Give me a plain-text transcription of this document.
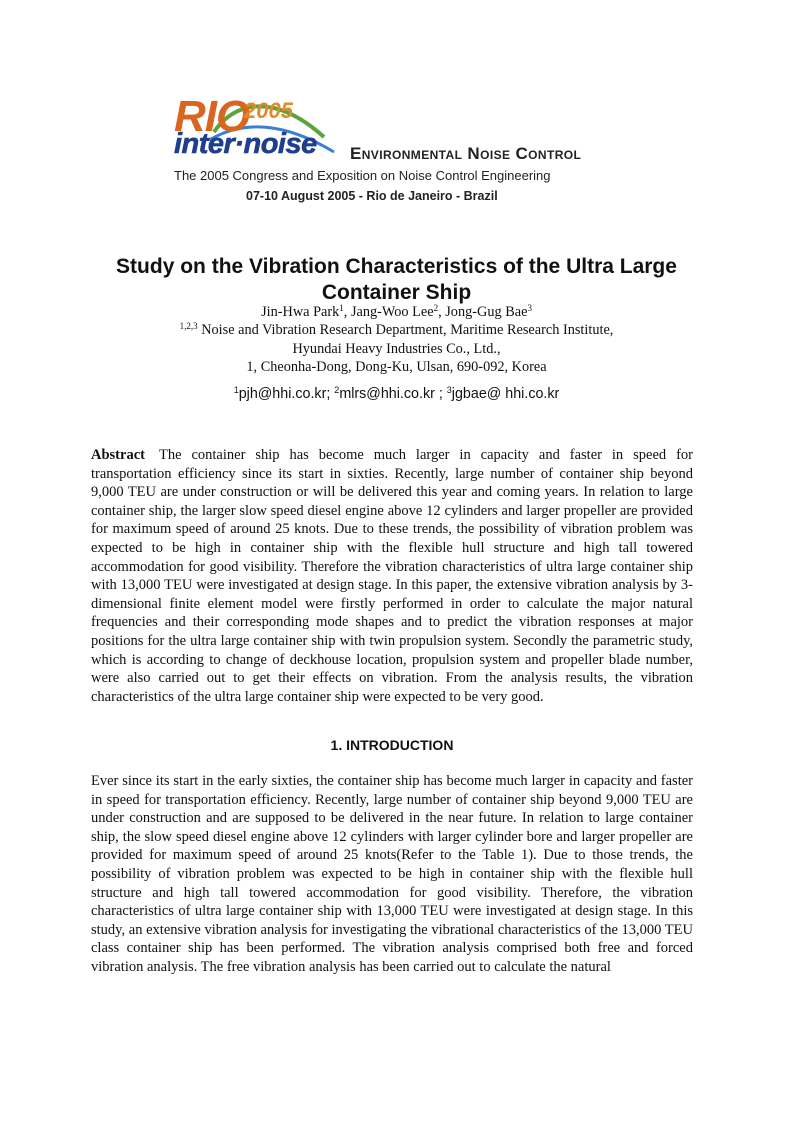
RIO
2005
inter·noise Environmental Noise Control
The 2005 Congress and Exposition on Noise Control Engineering
07-10 August 2005 - Rio de Janeiro - Brazil
Study on the Vibration Characteristics of the Ultra Large Container Ship
Jin-Hwa Park$^1$, Jang-Woo Lee$^2$, Jong-Gug Bae$^3$
$^{1,2,3}$ Noise and Vibration Research Department, Maritime Research Institute,
Hyundai Heavy Industries Co., Ltd.,
1, Cheonha-Dong, Dong-Ku, Ulsan, 690-092, Korea
$^1$pjh@hhi.co.kr; $^2$mlrs@hhi.co.kr ; $^3$jgbae@ hhi.co.kr
Abstract The container ship has become much larger in capacity and faster in speed for transportation efficiency since its start in sixties. Recently, large number of container ship beyond 9,000 TEU are under construction or will be delivered this year and coming years. In relation to large container ship, the larger slow speed diesel engine above 12 cylinders and larger propeller are provided for maximum speed of around 25 knots. Due to these trends, the possibility of vibration problem was expected to be high in container ship with the flexible hull structure and high tall towered accommodation for good visibility. Therefore the vibration characteristics of ultra large container ship with 13,000 TEU were investigated at design stage. In this paper, the extensive vibration analysis by 3-dimensional finite element model were firstly performed in order to calculate the major natural frequencies and their corresponding mode shapes and to predict the vibration responses at major positions for the ultra large container ship with twin propulsion system. Secondly the parametric study, which is according to change of deckhouse location, propulsion system and propeller blade number, were also carried out to get their effects on vibration. From the analysis results, the vibration characteristics of the ultra large container ship were expected to be very good.
1. INTRODUCTION
Ever since its start in the early sixties, the container ship has become much larger in capacity and faster in speed for transportation efficiency. Recently, large number of container ship beyond 9,000 TEU are under construction and are supposed to be delivered in the near future. In relation to large container ship, the slow speed diesel engine above 12 cylinders with larger cylinder bore and larger propeller are provided for maximum speed of around 25 knots(Refer to the Table 1). Due to those trends, the possibility of vibration problem was expected to be high in container ship with the flexible hull structure and high tall towered accommodation for good visibility. Therefore, the vibration characteristics of ultra large container ship with 13,000 TEU were investigated at design stage. In this study, an extensive vibration analysis for investigating the vibrational characteristics of the 13,000 TEU class container ship has been performed. The vibration analysis comprised both free and forced vibration analysis. The free vibration analysis has been carried out to calculate the natural
